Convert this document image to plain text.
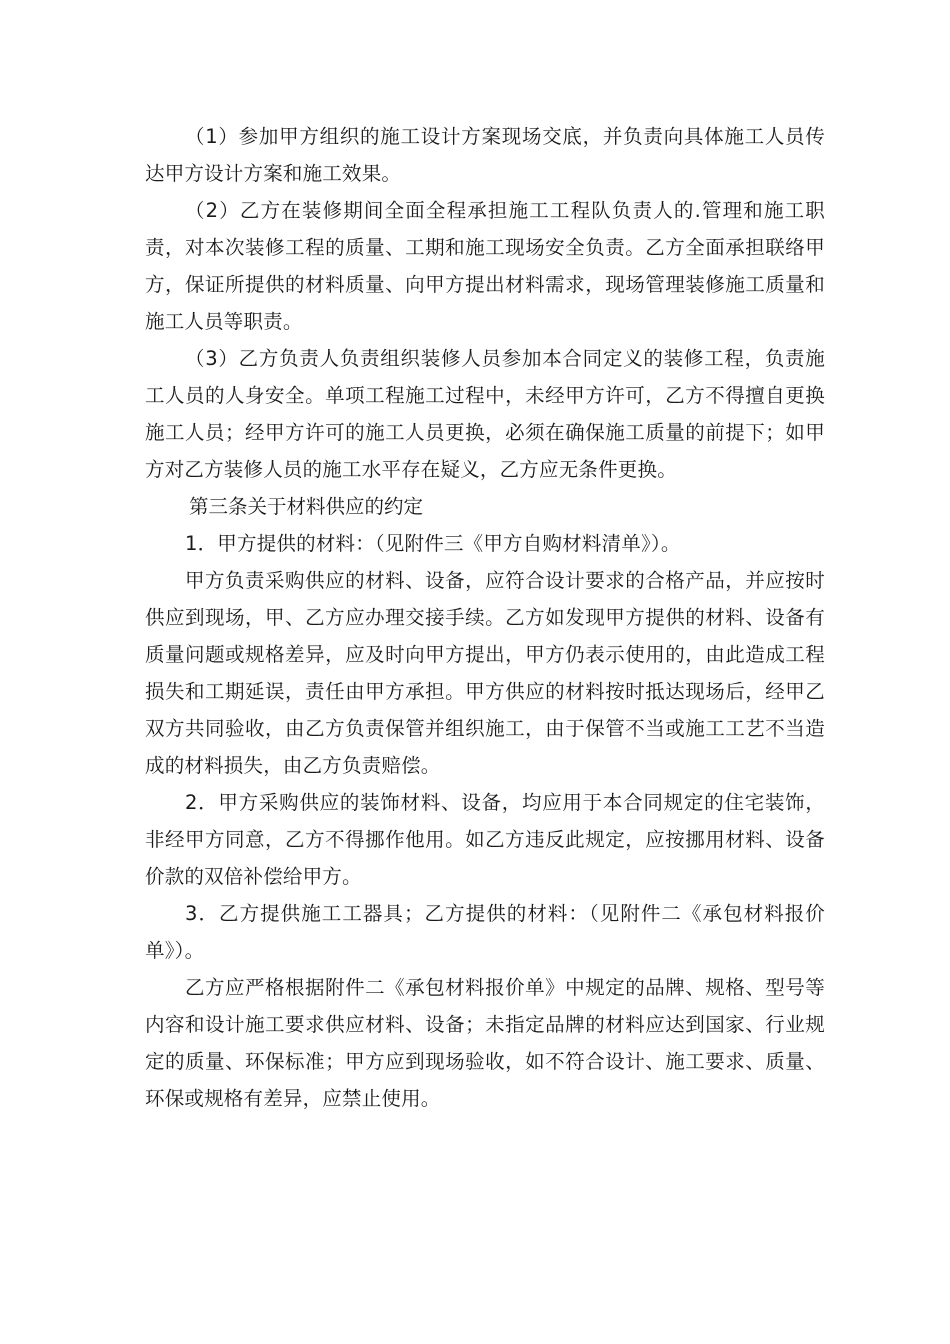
（1）参加甲方组织的施工设计方案现场交底，并负责向具体施工人员传达甲方设计方案和施工效果。

（2）乙方在装修期间全面全程承担施工工程队负责人的.管理和施工职责，对本次装修工程的质量、工期和施工现场安全负责。乙方全面承担联络甲方，保证所提供的材料质量、向甲方提出材料需求，现场管理装修施工质量和施工人员等职责。

（3）乙方负责人负责组织装修人员参加本合同定义的装修工程，负责施工人员的人身安全。单项工程施工过程中，未经甲方许可，乙方不得擅自更换施工人员；经甲方许可的施工人员更换，必须在确保施工质量的前提下；如甲方对乙方装修人员的施工水平存在疑义，乙方应无条件更换。

第三条关于材料供应的约定

1．甲方提供的材料：（见附件三《甲方自购材料清单》）。

甲方负责采购供应的材料、设备，应符合设计要求的合格产品，并应按时供应到现场，甲、乙方应办理交接手续。乙方如发现甲方提供的材料、设备有质量问题或规格差异，应及时向甲方提出，甲方仍表示使用的，由此造成工程损失和工期延误，责任由甲方承担。甲方供应的材料按时抵达现场后，经甲乙双方共同验收，由乙方负责保管并组织施工，由于保管不当或施工工艺不当造成的材料损失，由乙方负责赔偿。

2．甲方采购供应的装饰材料、设备，均应用于本合同规定的住宅装饰，非经甲方同意，乙方不得挪作他用。如乙方违反此规定，应按挪用材料、设备价款的双倍补偿给甲方。

3．乙方提供施工工器具；乙方提供的材料：（见附件二《承包材料报价单》）。

乙方应严格根据附件二《承包材料报价单》中规定的品牌、规格、型号等内容和设计施工要求供应材料、设备；未指定品牌的材料应达到国家、行业规定的质量、环保标准；甲方应到现场验收，如不符合设计、施工要求、质量、环保或规格有差异，应禁止使用。
